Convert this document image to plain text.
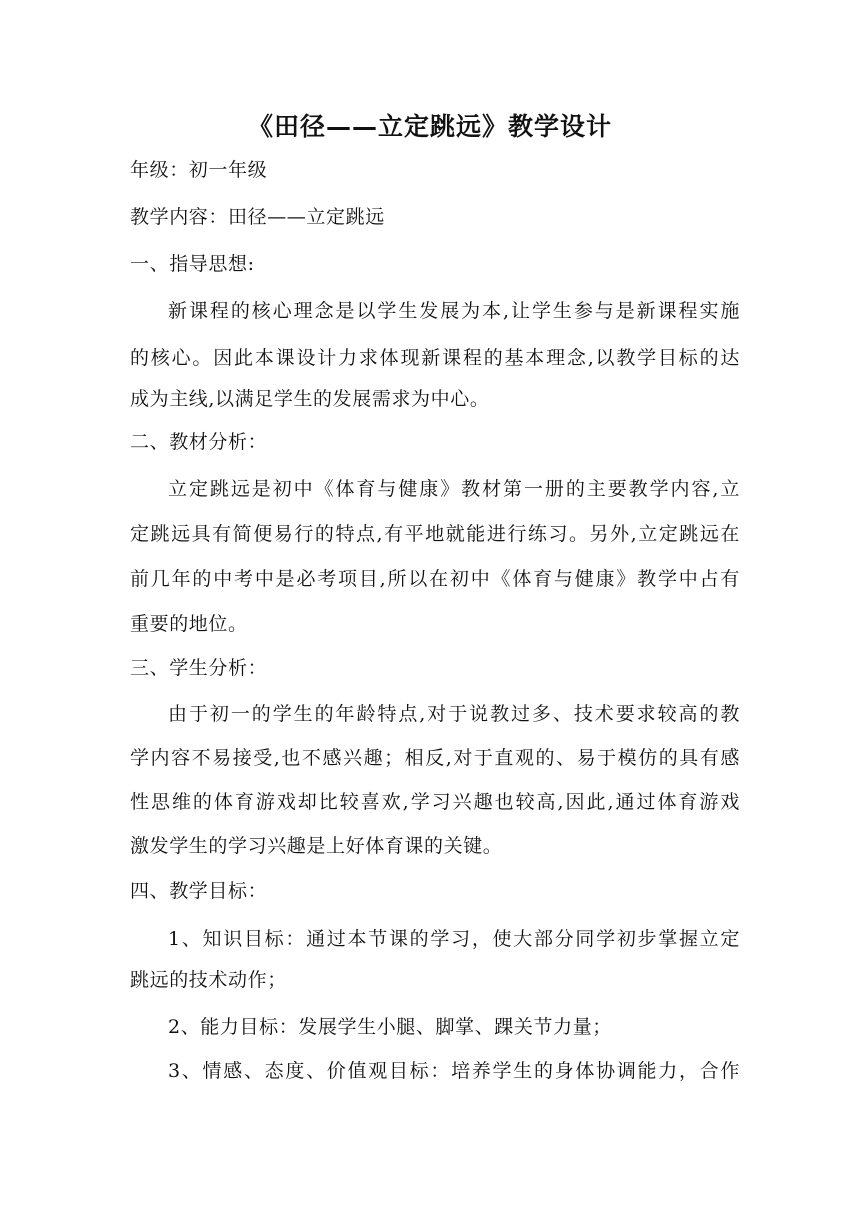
《田径——立定跳远》教学设计
年级：初一年级
教学内容：田径——立定跳远
一、指导思想:
新课程的核心理念是以学生发展为本,让学生参与是新课程实施
的核心。因此本课设计力求体现新课程的基本理念,以教学目标的达
成为主线,以满足学生的发展需求为中心。
二、教材分析：
立定跳远是初中《体育与健康》教材第一册的主要教学内容,立
定跳远具有简便易行的特点,有平地就能进行练习。另外,立定跳远在
前几年的中考中是必考项目,所以在初中《体育与健康》教学中占有
重要的地位。
三、学生分析：
由于初一的学生的年龄特点,对于说教过多、技术要求较高的教
学内容不易接受,也不感兴趣；相反,对于直观的、易于模仿的具有感
性思维的体育游戏却比较喜欢,学习兴趣也较高,因此,通过体育游戏
激发学生的学习兴趣是上好体育课的关键。
四、教学目标：
1、知识目标：通过本节课的学习，使大部分同学初步掌握立定
跳远的技术动作；
2、能力目标：发展学生小腿、脚掌、踝关节力量；
3、情感、态度、价值观目标：培养学生的身体协调能力，合作
